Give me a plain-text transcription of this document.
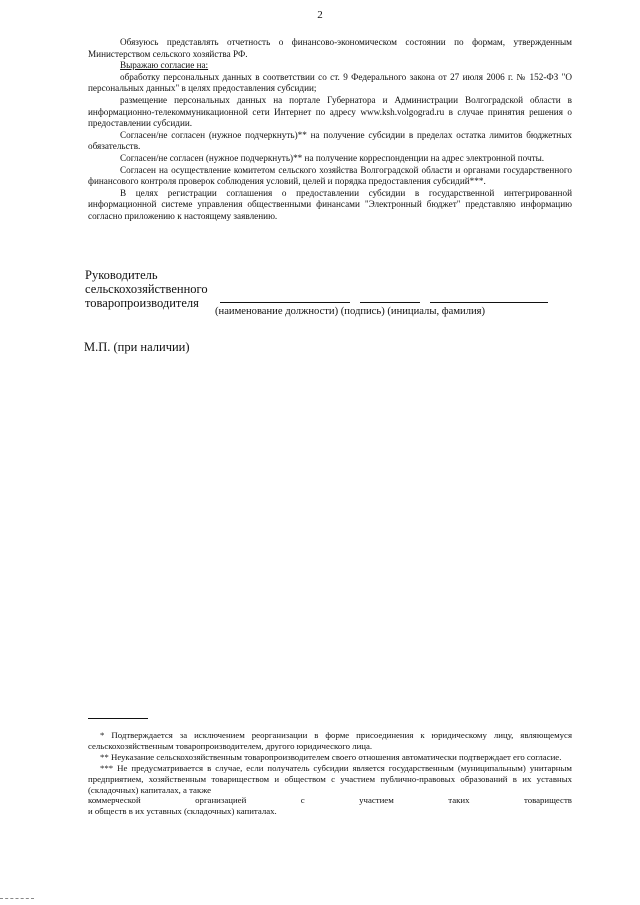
2

Обязуюсь представлять отчетность о финансово-экономическом состоянии по формам, утвержденным Министерством сельского хозяйства РФ.

Выражаю согласие на:

обработку персональных данных в соответствии со ст. 9 Федерального закона от 27 июля 2006 г. № 152-ФЗ "О персональных данных" в целях предоставления субсидии;

размещение персональных данных на портале Губернатора и Администрации Волгоградской области в информационно-телекоммуникационной сети Интернет по адресу www.ksh.volgograd.ru в случае принятия решения о предоставлении субсидии.

Согласен/не согласен (нужное подчеркнуть)** на получение субсидии в пределах остатка лимитов бюджетных обязательств.

Согласен/не согласен (нужное подчеркнуть)** на получение корреспонденции на адрес электронной почты.

Согласен на осуществление комитетом сельского хозяйства Волгоградской области и органами государственного финансового контроля проверок соблюдения условий, целей и порядка предоставления субсидий***.

В целях регистрации соглашения о предоставлении субсидии в государственной интегрированной информационной системе управления общественными финансами "Электронный бюджет" представляю информацию согласно приложению к настоящему заявлению.

Руководитель
сельскохозяйственного
товаропроизводителя
(наименование должности) (подпись) (инициалы, фамилия)
М.П. (при наличии)
* Подтверждается за исключением реорганизации в форме присоединения к юридическому лицу, являющемуся сельскохозяйственным товаропроизводителем, другого юридического лица.
** Неуказание сельскохозяйственным товаропроизводителем своего отношения автоматически подтверждает его согласие.
*** Не предусматривается в случае, если получатель субсидии является государственным (муниципальным) унитарным предприятием, хозяйственным товариществом и обществом с участием публично-правовых образований в их уставных (складочных) капиталах, а также
коммерческой	организацией	с	участием	таких	товариществ
и обществ в их уставных (складочных) капиталах.
